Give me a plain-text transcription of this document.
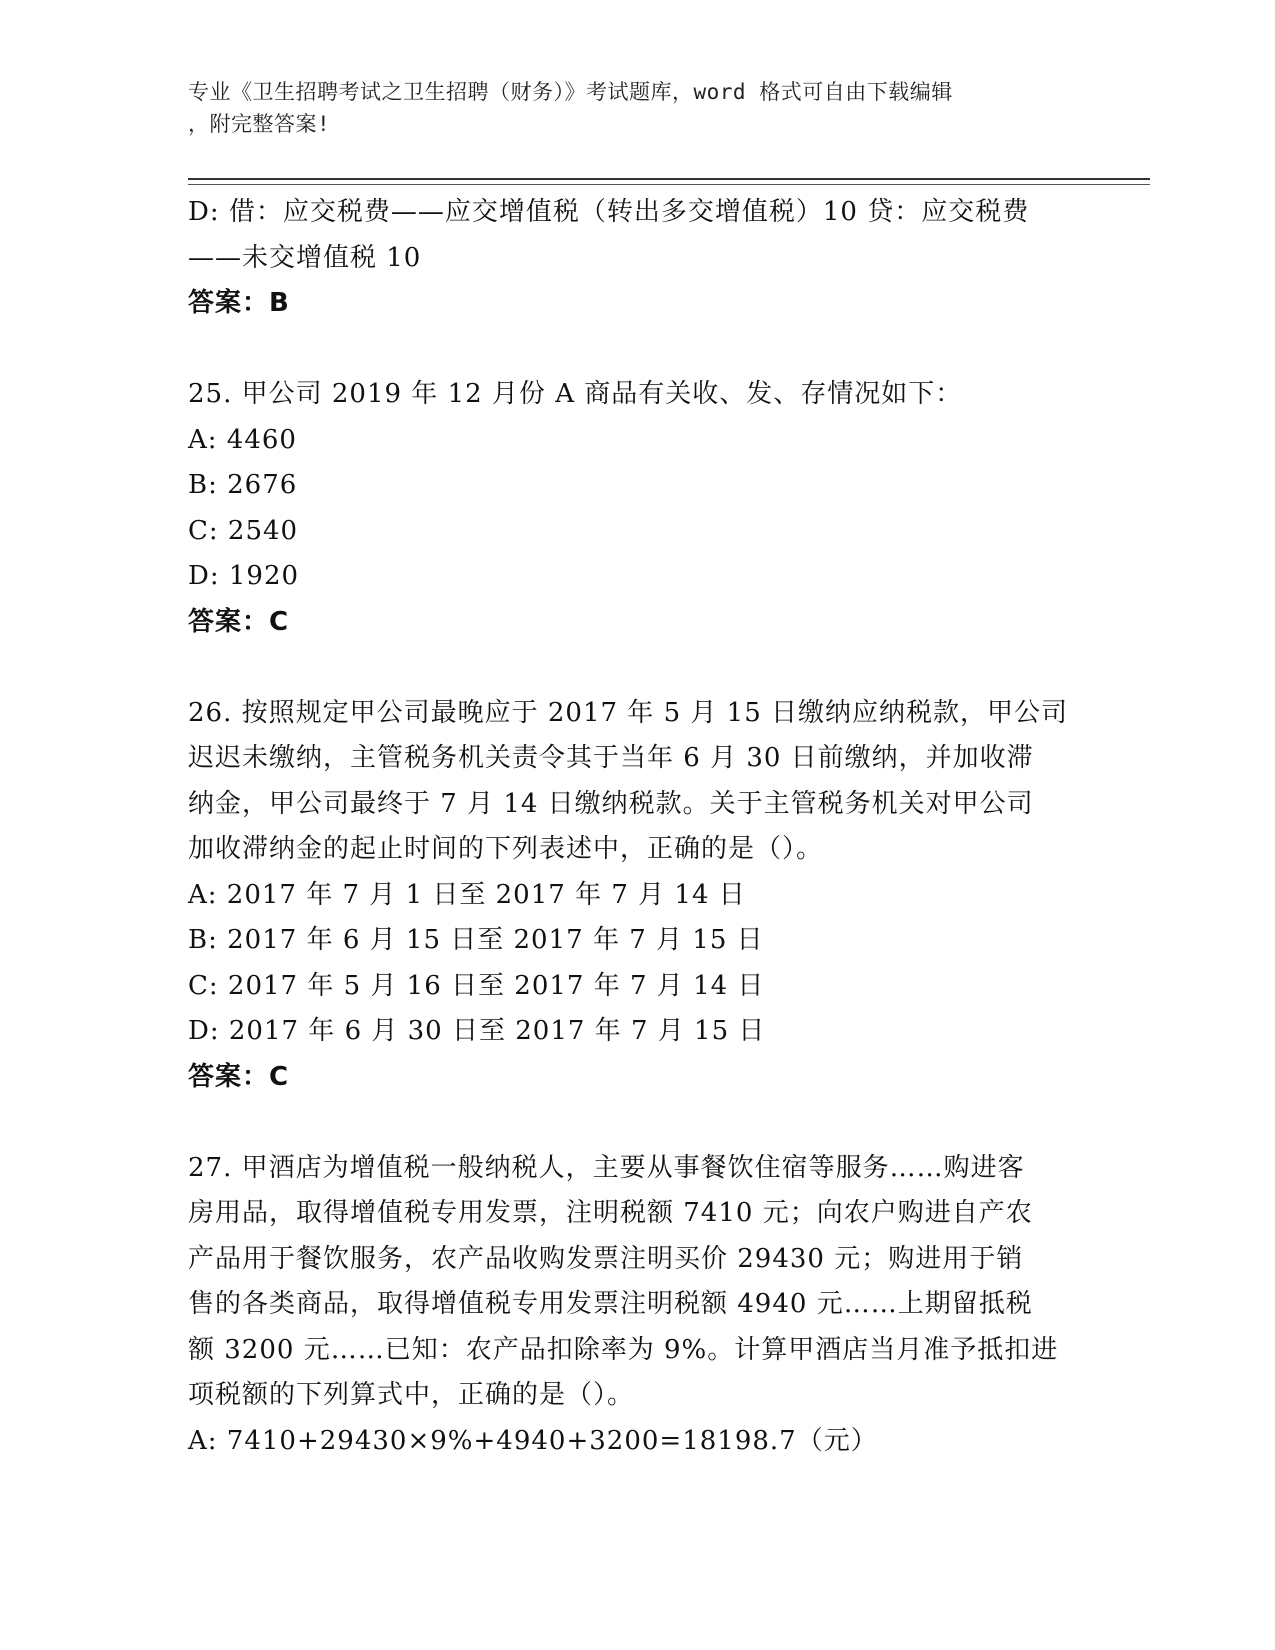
专业《卫生招聘考试之卫生招聘（财务）》考试题库，word 格式可自由下载编辑
，附完整答案!
D: 借：应交税费——应交增值税（转出多交增值税）10 贷：应交税费
——未交增值税 10
答案：B
25. 甲公司 2019 年 12 月份 A 商品有关收、发、存情况如下：
A: 4460
B: 2676
C: 2540
D: 1920
答案：C
26. 按照规定甲公司最晚应于 2017 年 5 月 15 日缴纳应纳税款，甲公司
迟迟未缴纳，主管税务机关责令其于当年 6 月 30 日前缴纳，并加收滞
纳金，甲公司最终于 7 月 14 日缴纳税款。关于主管税务机关对甲公司
加收滞纳金的起止时间的下列表述中，正确的是（）。
A: 2017 年 7 月 1 日至 2017 年 7 月 14 日
B: 2017 年 6 月 15 日至 2017 年 7 月 15 日
C: 2017 年 5 月 16 日至 2017 年 7 月 14 日
D: 2017 年 6 月 30 日至 2017 年 7 月 15 日
答案：C
27. 甲酒店为增值税一般纳税人，主要从事餐饮住宿等服务……购进客
房用品，取得增值税专用发票，注明税额 7410 元；向农户购进自产农
产品用于餐饮服务，农产品收购发票注明买价 29430 元；购进用于销
售的各类商品，取得增值税专用发票注明税额 4940 元……上期留抵税
额 3200 元……已知：农产品扣除率为 9%。计算甲酒店当月准予抵扣进
项税额的下列算式中，正确的是（）。
A: 7410+29430×9%+4940+3200=18198.7（元）
